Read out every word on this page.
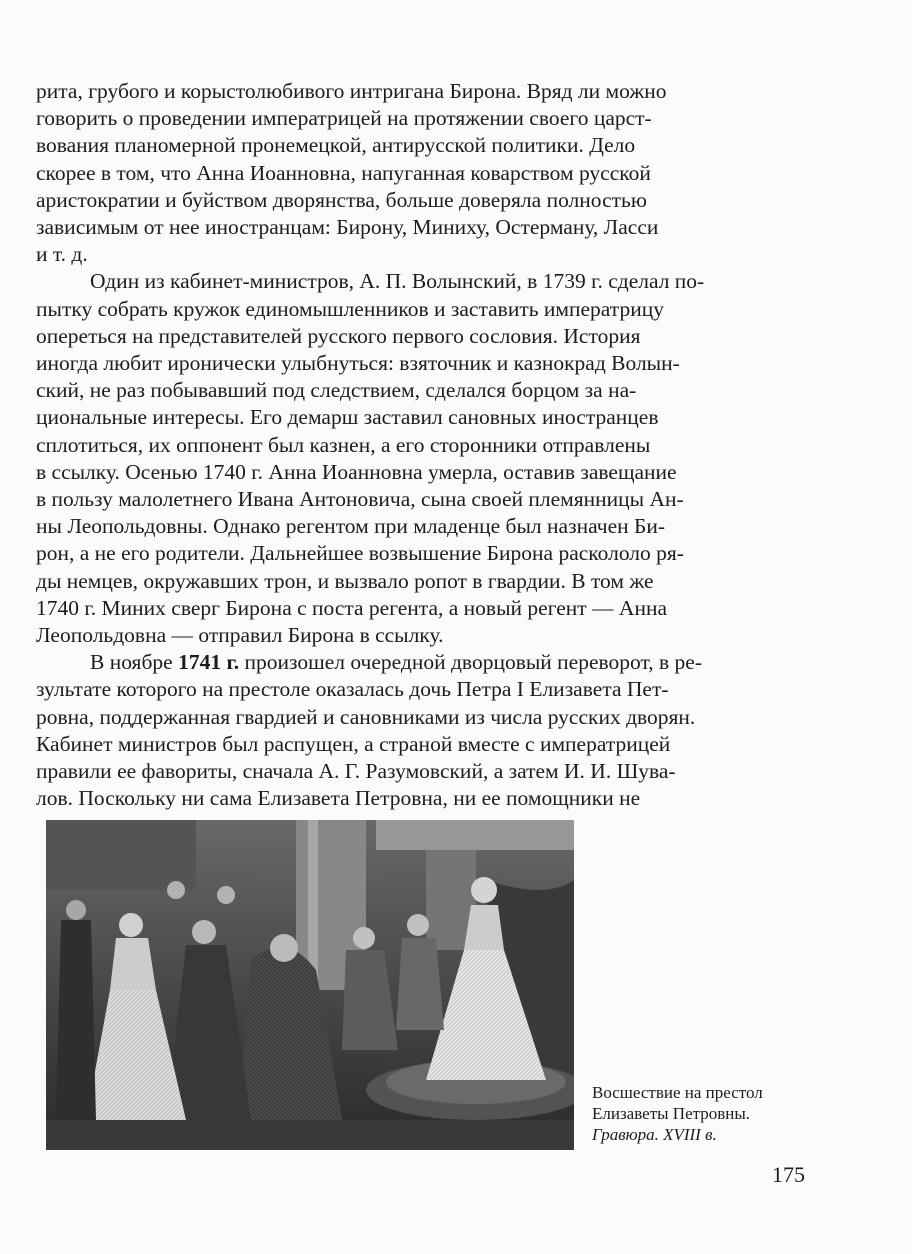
рита, грубого и корыстолюбивого интригана Бирона. Вряд ли можно
говорить о проведении императрицей на протяжении своего царст-
вования планомерной пронемецкой, антирусской политики. Дело
скорее в том, что Анна Иоанновна, напуганная коварством русской
аристократии и буйством дворянства, больше доверяла полностью
зависимым от нее иностранцам: Бирону, Миниху, Остерману, Ласси
и т. д.

Один из кабинет-министров, А. П. Волынский, в 1739 г. сделал по-
пытку собрать кружок единомышленников и заставить императрицу
опереться на представителей русского первого сословия. История
иногда любит иронически улыбнуться: взяточник и казнокрад Волын-
ский, не раз побывавший под следствием, сделался борцом за на-
циональные интересы. Его демарш заставил сановных иностранцев
сплотиться, их оппонент был казнен, а его сторонники отправлены
в ссылку. Осенью 1740 г. Анна Иоанновна умерла, оставив завещание
в пользу малолетнего Ивана Антоновича, сына своей племянницы Ан-
ны Леопольдовны. Однако регентом при младенце был назначен Би-
рон, а не его родители. Дальнейшее возвышение Бирона раскололо ря-
ды немцев, окружавших трон, и вызвало ропот в гвардии. В том же
1740 г. Миних сверг Бирона с поста регента, а новый регент — Анна
Леопольдовна — отправил Бирона в ссылку.

В ноябре 1741 г. произошел очередной дворцовый переворот, в ре-
зультате которого на престоле оказалась дочь Петра I Елизавета Пет-
ровна, поддержанная гвардией и сановниками из числа русских дворян.
Кабинет министров был распущен, а страной вместе с императрицей
правили ее фавориты, сначала А. Г. Разумовский, а затем И. И. Шува-
лов. Поскольку ни сама Елизавета Петровна, ни ее помощники не

Восшествие на престол
Елизаветы Петровны.
Гравюра. XVIII в.
175
